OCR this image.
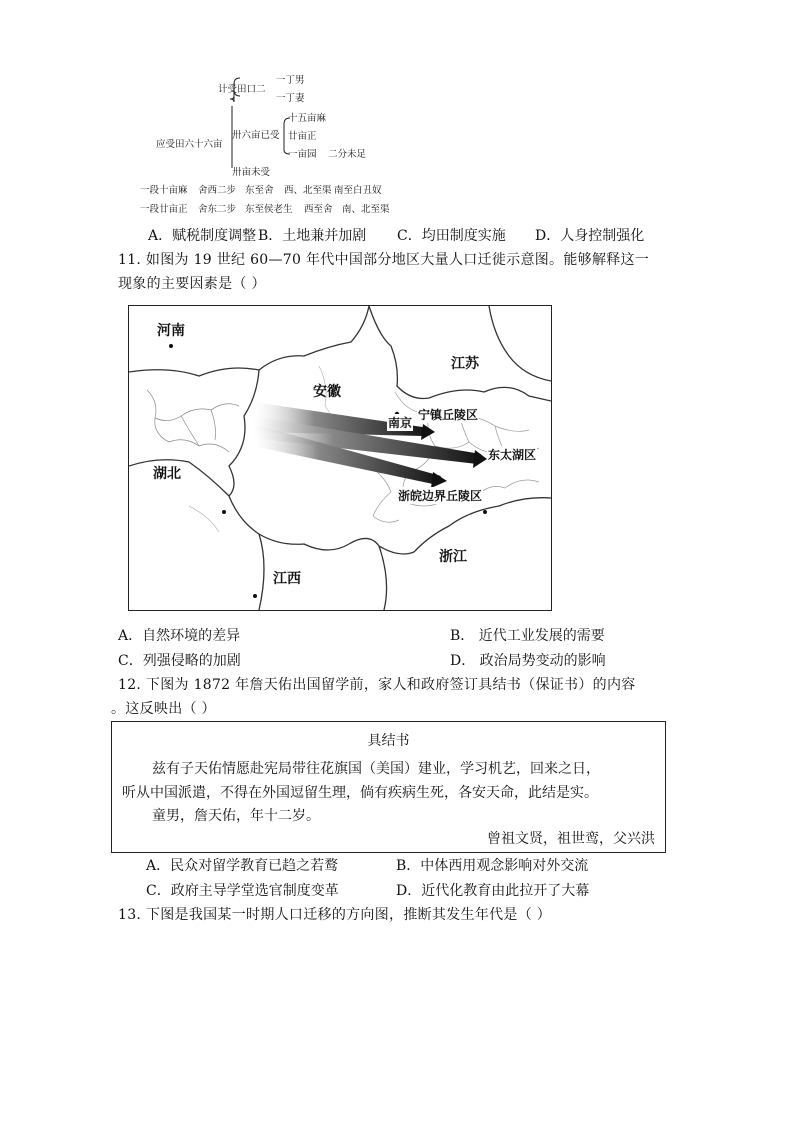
计受田口二
一丁男
一丁妻
应受田六十六亩
卅六亩已受
十五亩麻
廿亩正
一亩园 二分未足
卅亩未受
一段十亩麻 舍西二步 东至舍 西、北至渠 南至白丑奴
一段廿亩正 舍东二步 东至侯老生 西至舍 南、北至渠
A．赋税制度调整 B．土地兼并加剧 C．均田制度实施 D．人身控制强化
11. 如图为 19 世纪 60—70 年代中国部分地区大量人口迁徙示意图。能够解释这一
现象的主要因素是（ ）
河南
江苏
安徽
湖北
江西
浙江
南京
宁镇丘陵区
东太湖区
浙皖边界丘陵区
A．自然环境的差异	B． 近代工业发展的需要
C．列强侵略的加剧	D． 政治局势变动的影响
12. 下图为 1872 年詹天佑出国留学前，家人和政府签订具结书（保证书）的内容
。这反映出（ ）
具结书
兹有子天佑情愿赴宪局带往花旗国（美国）建业，学习机艺，回来之日，
听从中国派遣，不得在外国逗留生理，倘有疾病生死，各安天命，此结是实。
童男，詹天佑，年十二岁。
曾祖文贤，祖世鸾，父兴洪
A．民众对留学教育已趋之若鹜	B．中体西用观念影响对外交流
C．政府主导学堂选官制度变革	D．近代化教育由此拉开了大幕
13. 下图是我国某一时期人口迁移的方向图，推断其发生年代是（ ）
